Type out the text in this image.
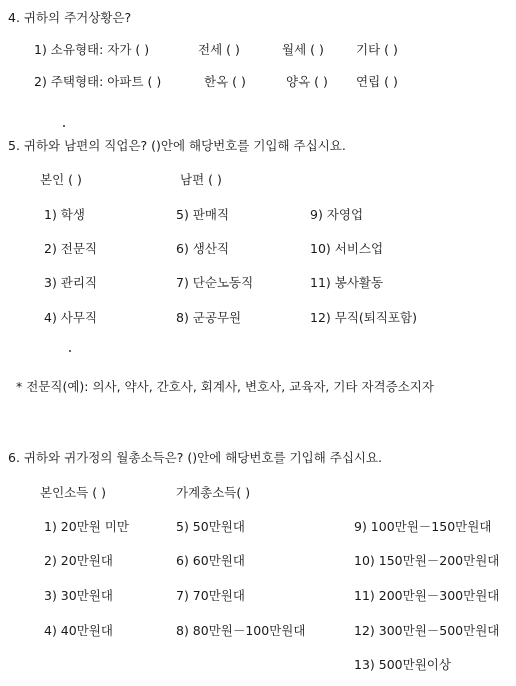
4. 귀하의 주거상황은?
1) 소유형태: 자가 ( )	전세 ( )	월세 ( )	기타 ( )
2) 주택형태: 아파트 ( )	한옥 ( )	양옥 ( ) 연립 ( )
5. 귀하와 남편의 직업은? ()안에 해당번호를 기입해 주십시요.
본인 ( )	남편 ( )
1) 학생	5) 판매직	9) 자영업
2) 전문직	6) 생산직	10) 서비스업
3) 관리직	7) 단순노동직	11) 봉사활동
4) 사무직	8) 군공무원	12) 무직(퇴직포함)
* 전문직(예): 의사, 약사, 간호사, 회계사, 변호사, 교육자, 기타 자격증소지자
6. 귀하와 귀가정의 월총소득은? ()안에 해당번호를 기입해 주십시요.
본인소득 ( )	가계총소득( )
1) 20만원 미만	5) 50만원대	9) 100만원－150만원대
2) 20만원대	6) 60만원대	10) 150만원－200만원대
3) 30만원대	7) 70만원대	11) 200만원－300만원대
4) 40만원대	8) 80만원－100만원대	12) 300만원－500만원대
13) 500만원이상
